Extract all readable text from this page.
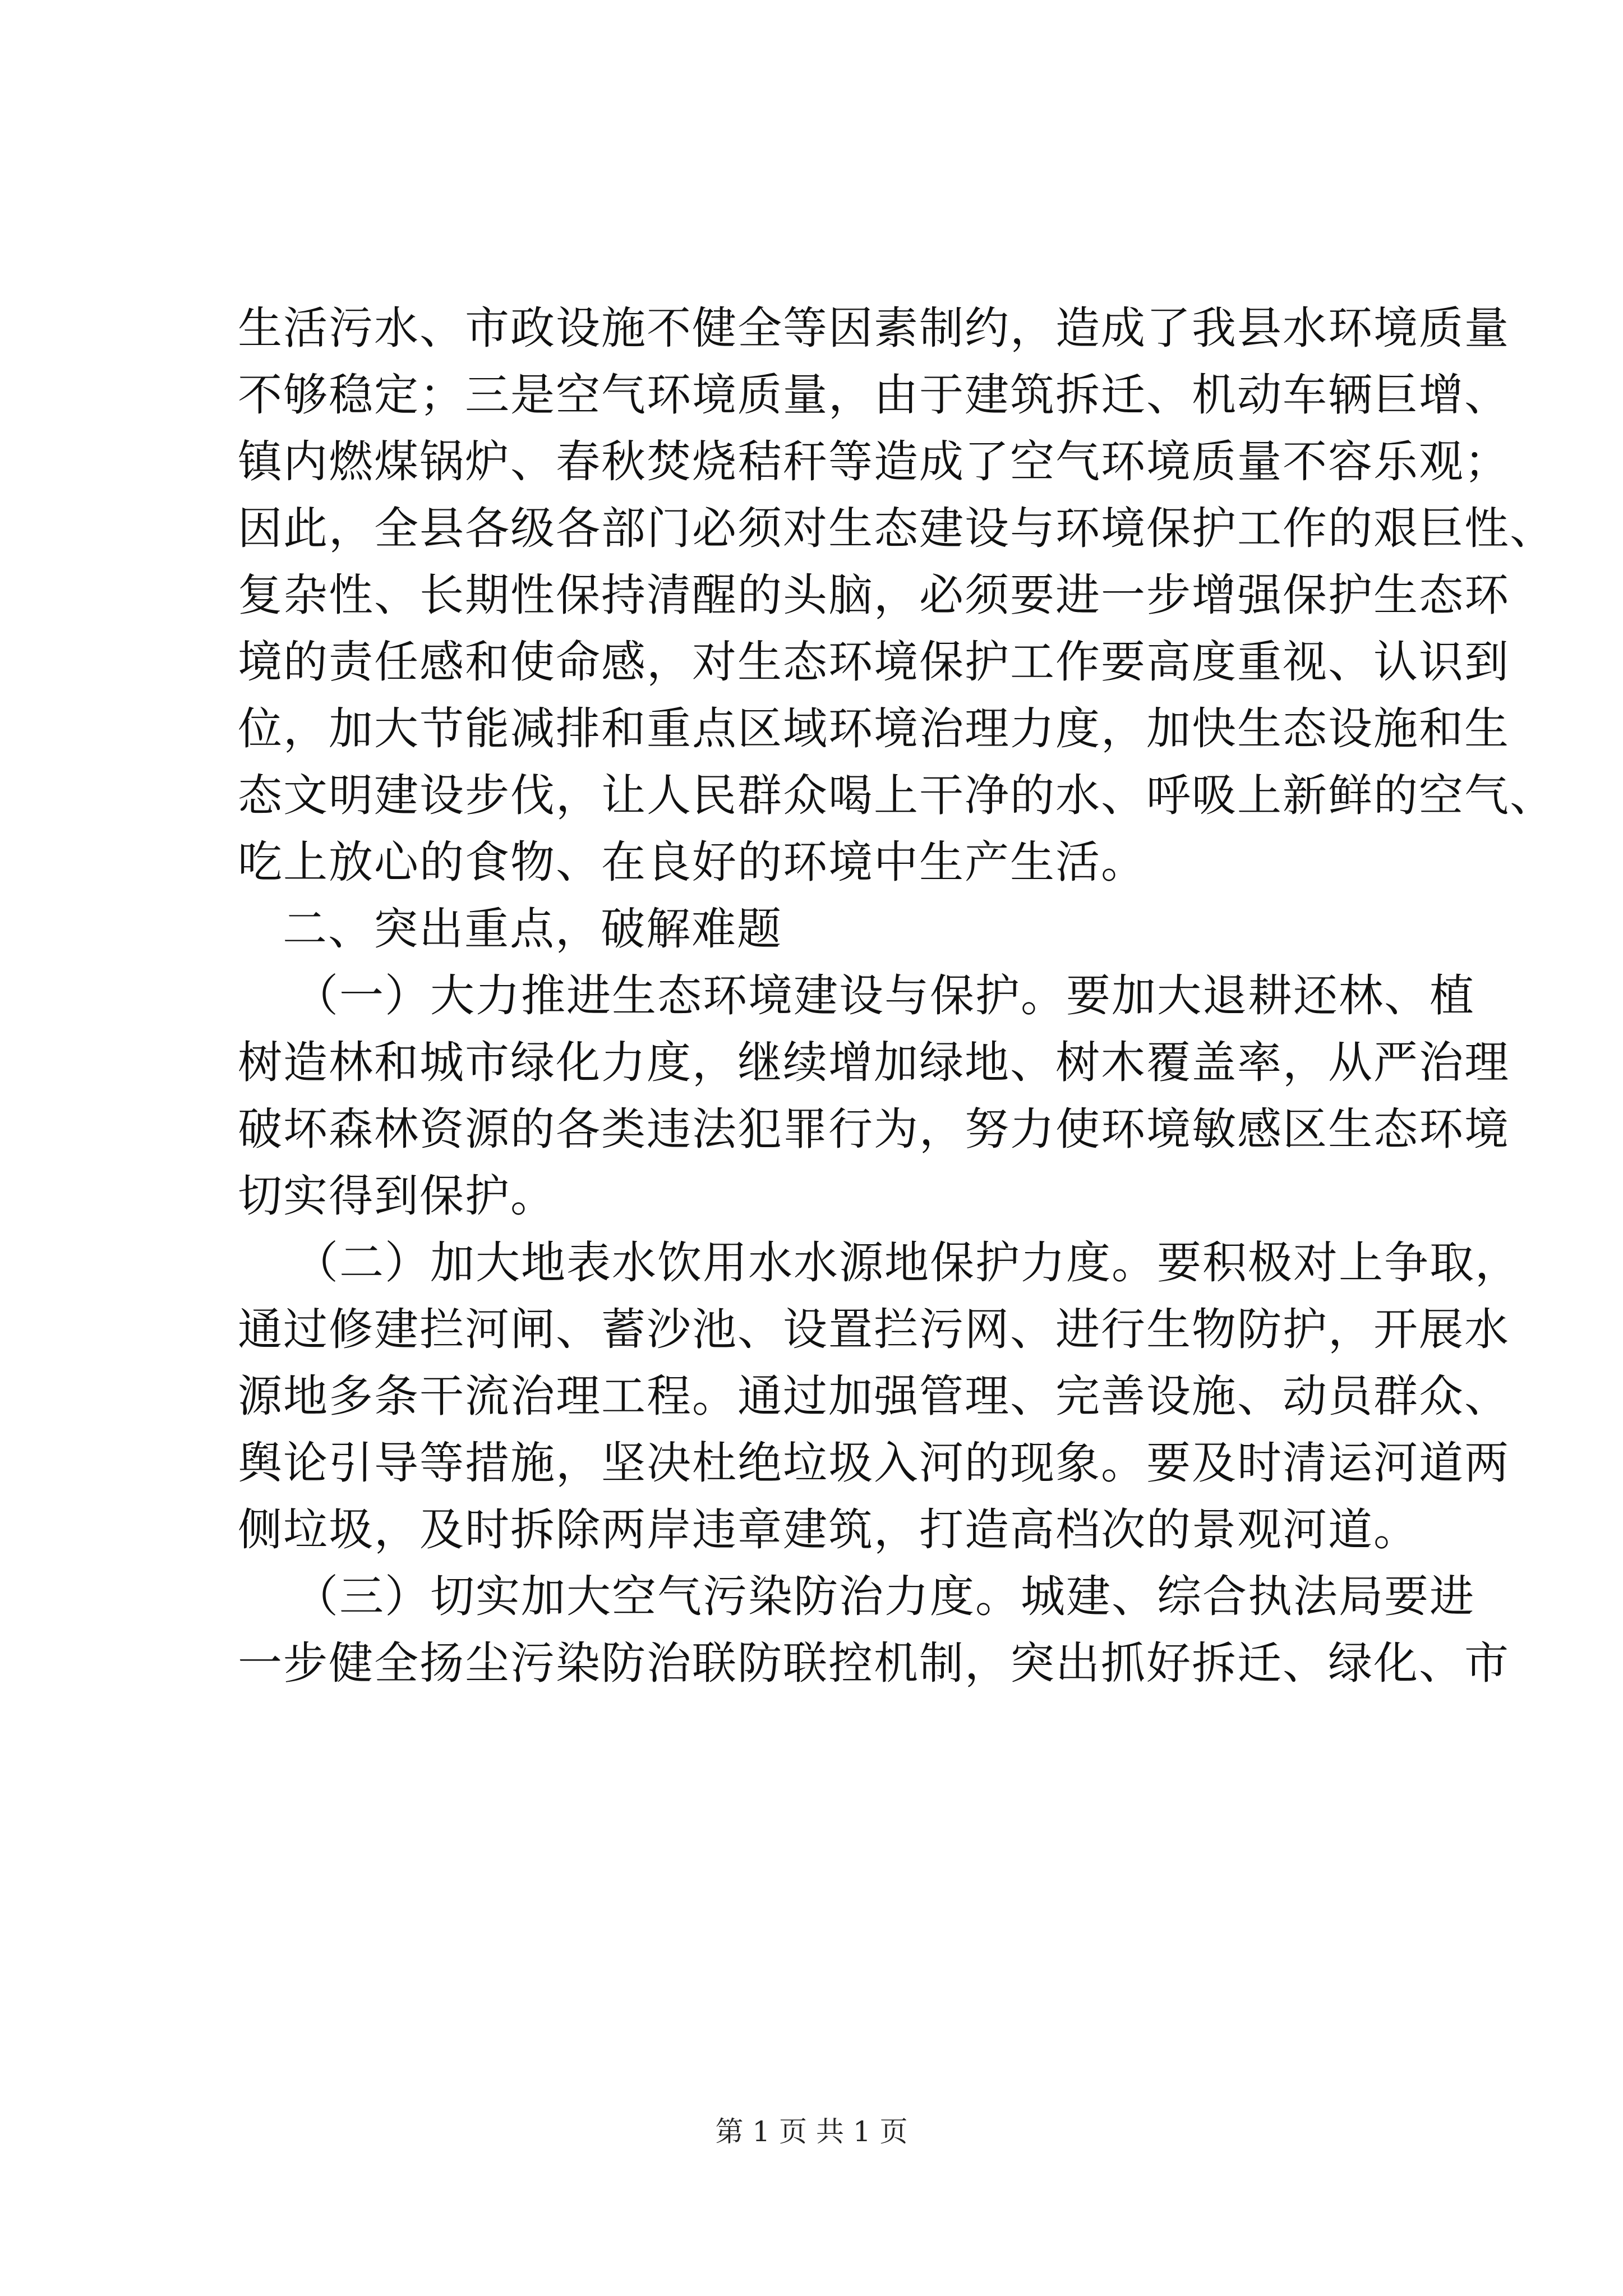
生活污水、市政设施不健全等因素制约，造成了我县水环境质量
不够稳定；三是空气环境质量，由于建筑拆迁、机动车辆巨增、
镇内燃煤锅炉、春秋焚烧秸秆等造成了空气环境质量不容乐观；
因此，全县各级各部门必须对生态建设与环境保护工作的艰巨性、
复杂性、长期性保持清醒的头脑，必须要进一步增强保护生态环
境的责任感和使命感，对生态环境保护工作要高度重视、认识到
位，加大节能减排和重点区域环境治理力度，加快生态设施和生
态文明建设步伐，让人民群众喝上干净的水、呼吸上新鲜的空气、
吃上放心的食物、在良好的环境中生产生活。
二、突出重点，破解难题
（一）大力推进生态环境建设与保护。要加大退耕还林、植
树造林和城市绿化力度，继续增加绿地、树木覆盖率，从严治理
破坏森林资源的各类违法犯罪行为，努力使环境敏感区生态环境
切实得到保护。
（二）加大地表水饮用水水源地保护力度。要积极对上争取，
通过修建拦河闸、蓄沙池、设置拦污网、进行生物防护，开展水
源地多条干流治理工程。通过加强管理、完善设施、动员群众、
舆论引导等措施，坚决杜绝垃圾入河的现象。要及时清运河道两
侧垃圾，及时拆除两岸违章建筑，打造高档次的景观河道。
（三）切实加大空气污染防治力度。城建、综合执法局要进
一步健全扬尘污染防治联防联控机制，突出抓好拆迁、绿化、市
第 1 页 共 1 页
